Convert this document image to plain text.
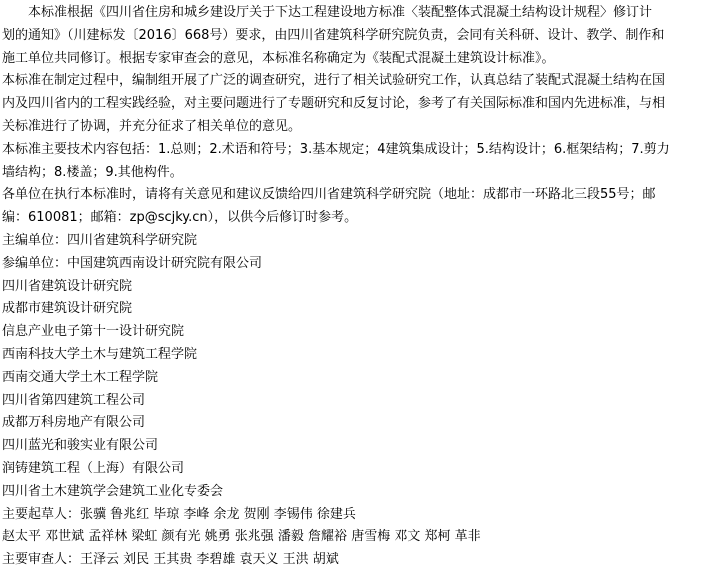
本标准根据《四川省住房和城乡建设厅关于下达工程建设地方标准〈装配整体式混凝土结构设计规程〉修订计
划的通知》（川建标发〔2016〕668号）要求，由四川省建筑科学研究院负责，会同有关科研、设计、教学、制作和
施工单位共同修订。根据专家审查会的意见，本标准名称确定为《装配式混凝土建筑设计标准》。
本标准在制定过程中，编制组开展了广泛的调查研究，进行了相关试验研究工作，认真总结了装配式混凝土结构在国
内及四川省内的工程实践经验，对主要问题进行了专题研究和反复讨论，参考了有关国际标准和国内先进标准，与相
关标准进行了协调，并充分征求了相关单位的意见。
本标准主要技术内容包括：1.总则；2.术语和符号；3.基本规定；4建筑集成设计；5.结构设计；6.框架结构；7.剪力
墙结构；8.楼盖；9.其他构件。
各单位在执行本标准时，请将有关意见和建议反馈给四川省建筑科学研究院（地址：成都市一环路北三段55号；邮
编：610081；邮箱：zp@scjky.cn），以供今后修订时参考。
主编单位：四川省建筑科学研究院
参编单位：中国建筑西南设计研究院有限公司
四川省建筑设计研究院
成都市建筑设计研究院
信息产业电子第十一设计研究院
西南科技大学土木与建筑工程学院
西南交通大学土木工程学院
四川省第四建筑工程公司
成都万科房地产有限公司
四川蓝光和骏实业有限公司
润铸建筑工程（上海）有限公司
四川省土木建筑学会建筑工业化专委会
主要起草人：张骥 鲁兆红 毕琼 李峰 余龙 贺刚 李锡伟 徐建兵
赵太平 邓世斌 孟祥林 梁虹 颜有光 姚勇 张兆强 潘毅 詹耀裕 唐雪梅 邓文 郑柯 革非
主要审查人：王泽云 刘民 王其贵 李碧雄 袁天义 王洪 胡斌
